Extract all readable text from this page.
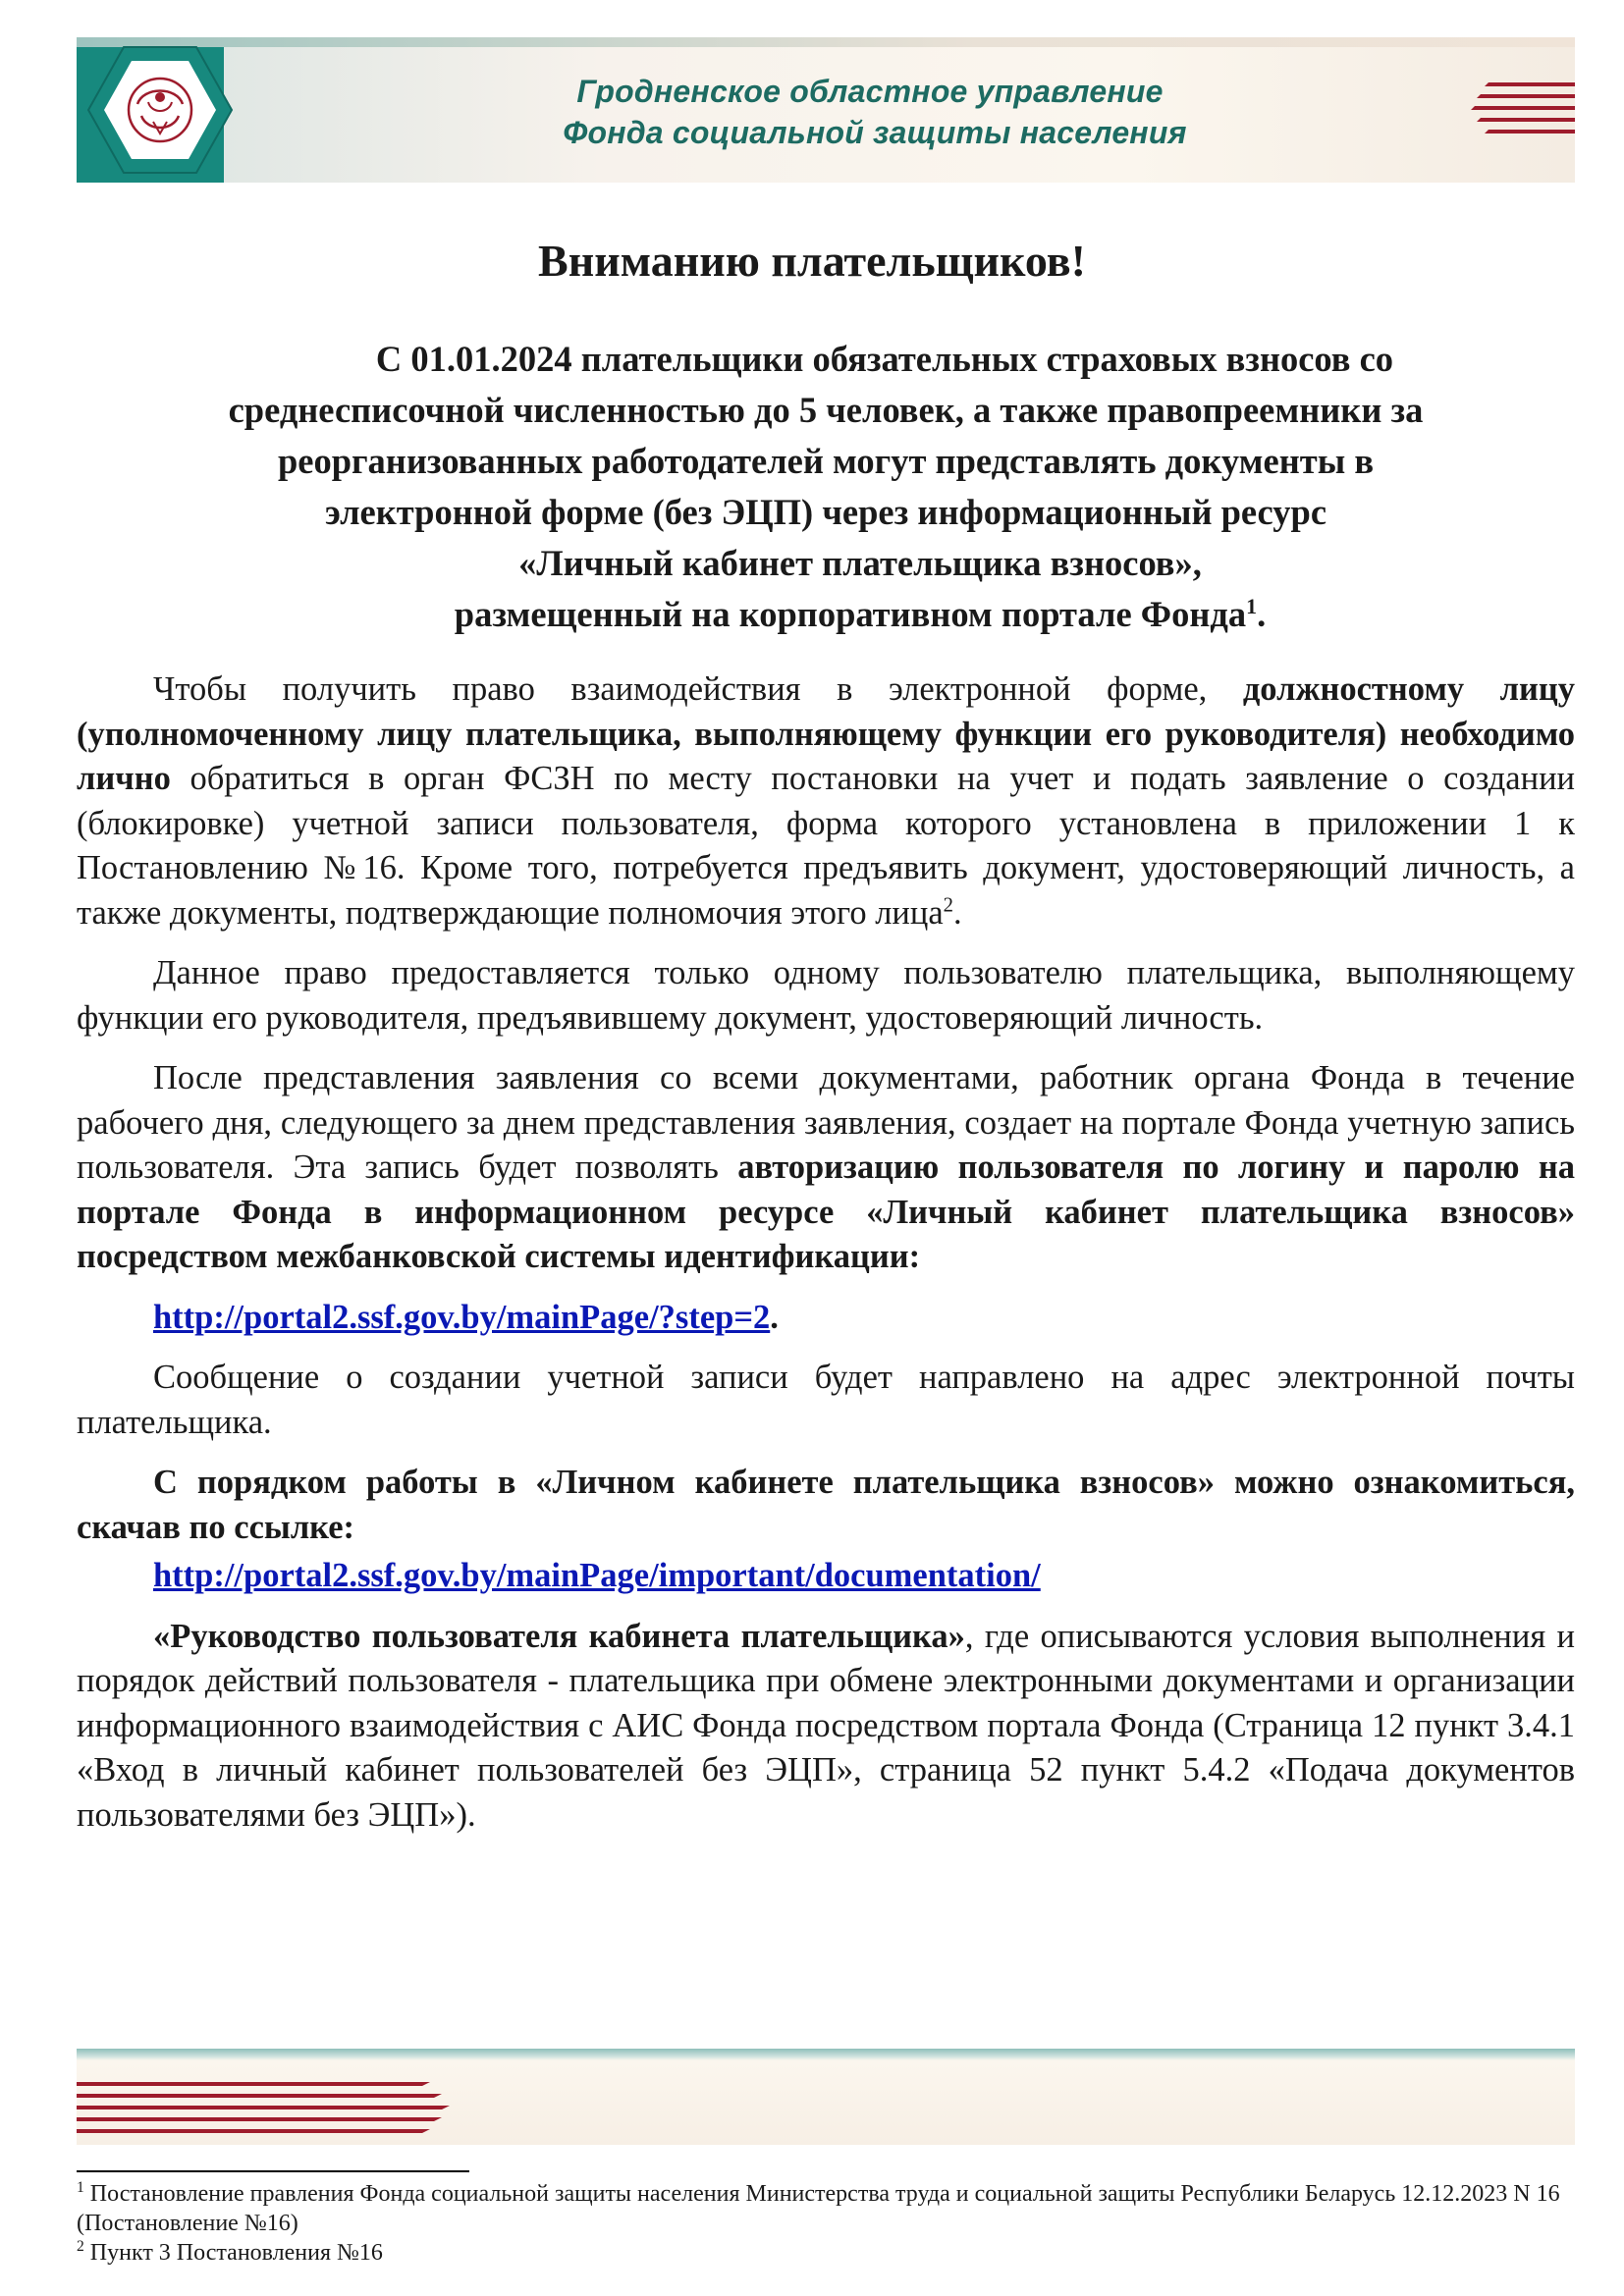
Гродненское областное управление
Фонда социальной защиты населения
Вниманию плательщиков!
С 01.01.2024 плательщики обязательных страховых взносов со
среднесписочной численностью до 5 человек, а также правопреемники за
реорганизованных работодателей могут представлять документы в
электронной форме (без ЭЦП) через информационный ресурс
«Личный кабинет плательщика взносов»,
размещенный на корпоративном портале Фонда$^1$.

Чтобы получить право взаимодействия в электронной форме, должностному лицу (уполномоченному лицу плательщика, выполняющему функции его руководителя) необходимо лично обратиться в орган ФСЗН по месту постановки на учет и подать заявление о создании (блокировке) учетной записи пользователя, форма которого установлена в приложении 1 к Постановлению №16. Кроме того, потребуется предъявить документ, удостоверяющий личность, а также документы, подтверждающие полномочия этого лица$^2$.

Данное право предоставляется только одному пользователю плательщика, выполняющему функции его руководителя, предъявившему документ, удостоверяющий личность.

После представления заявления со всеми документами, работник органа Фонда в течение рабочего дня, следующего за днем представления заявления, создает на портале Фонда учетную запись пользователя. Эта запись будет позволять авторизацию пользователя по логину и паролю на портале Фонда в информационном ресурсе «Личный кабинет плательщика взносов» посредством межбанковской системы идентификации:

http://portal2.ssf.gov.by/mainPage/?step=2.

Сообщение о создании учетной записи будет направлено на адрес электронной почты плательщика.

С порядком работы в «Личном кабинете плательщика взносов» можно ознакомиться, скачав по ссылке:

http://portal2.ssf.gov.by/mainPage/important/documentation/

«Руководство пользователя кабинета плательщика», где описываются условия выполнения и порядок действий пользователя - плательщика при обмене электронными документами и организации информационного взаимодействия с АИС Фонда посредством портала Фонда (Страница 12 пункт 3.4.1 «Вход в личный кабинет пользователей без ЭЦП», страница 52 пункт 5.4.2 «Подача документов пользователями без ЭЦП»).

$^1$ Постановление правления Фонда социальной защиты населения Министерства труда и социальной защиты Республики Беларусь 12.12.2023 N 16 (Постановление №16)

$^2$ Пункт 3 Постановления №16
